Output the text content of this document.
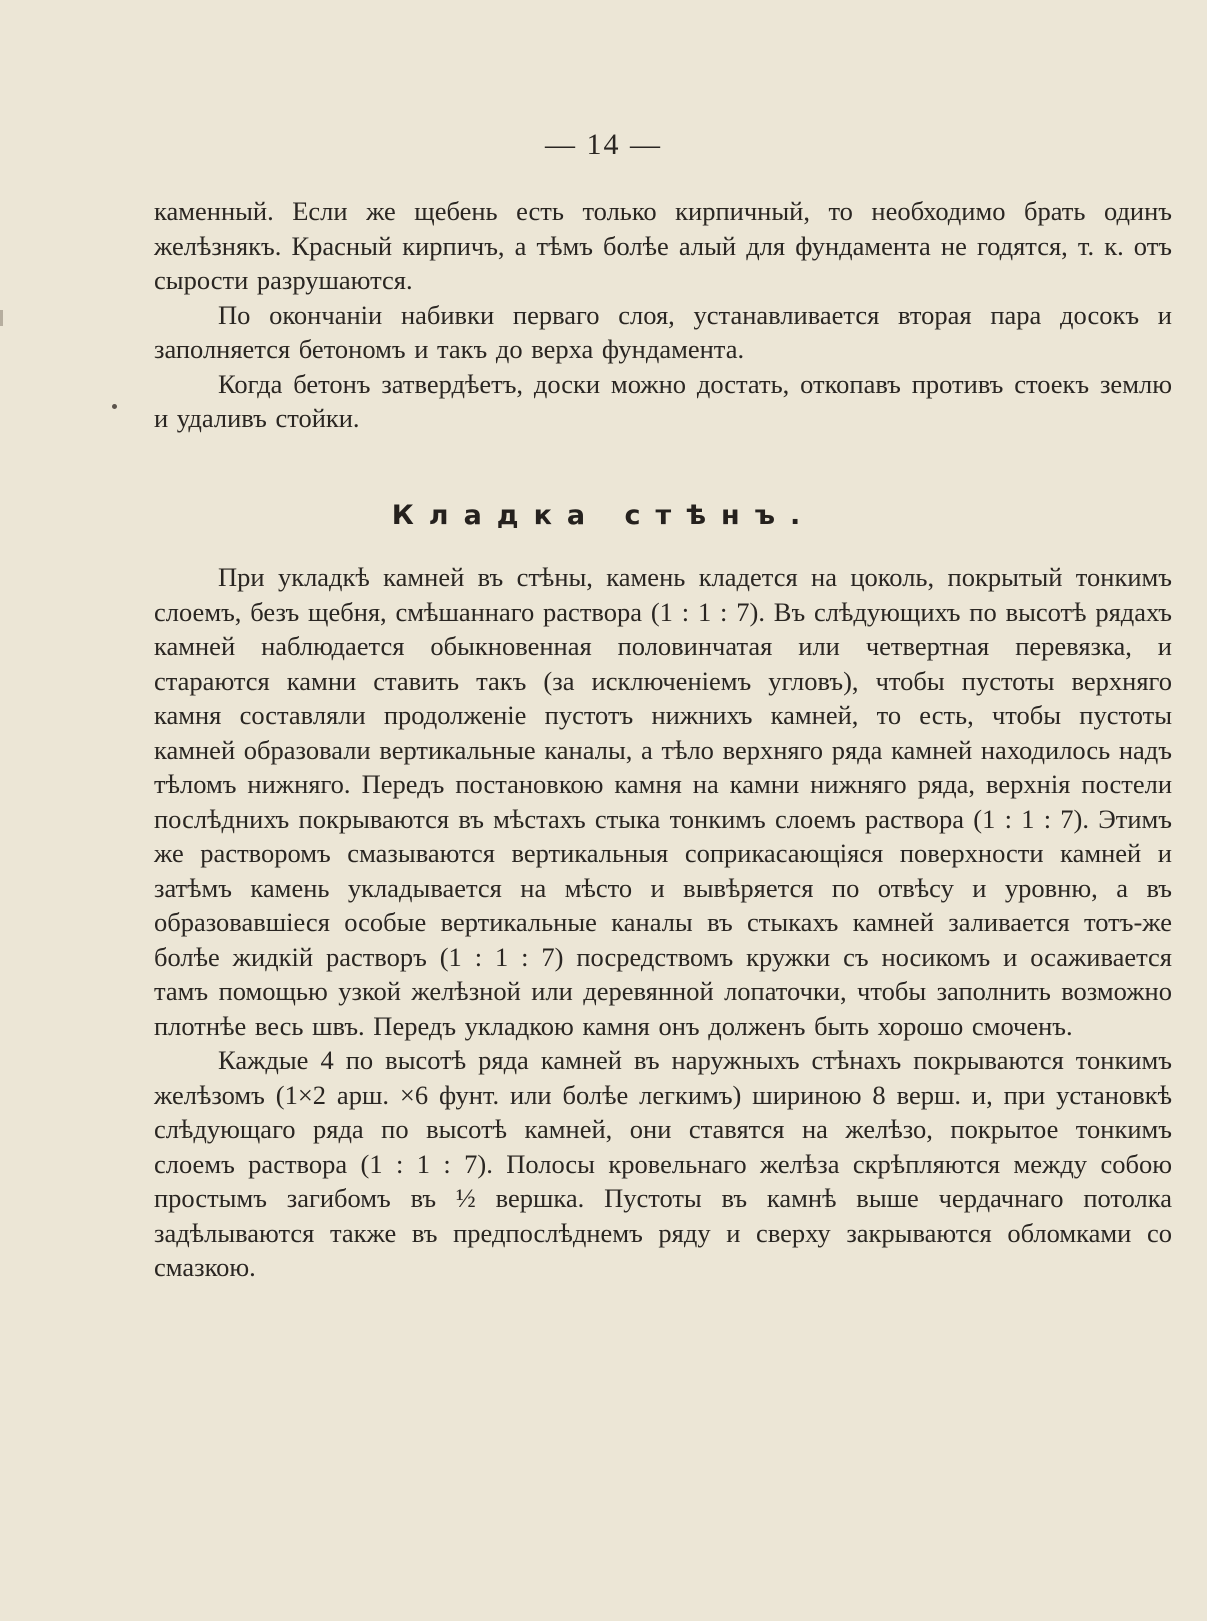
— 14 —

каменный. Если же щебень есть только кирпичный, то необходимо брать одинъ желѣзнякъ. Красный кирпичъ, а тѣмъ болѣе алый для фундамента не годятся, т. к. отъ сырости разрушаются.

По окончаніи набивки перваго слоя, устанавливается вторая пара досокъ и заполняется бетономъ и такъ до верха фундамента.

Когда бетонъ затвердѣетъ, доски можно достать, откопавъ противъ стоекъ землю и удаливъ стойки.

Кладка стѣнъ.

При укладкѣ камней въ стѣны, камень кладется на цоколь, покрытый тонкимъ слоемъ, безъ щебня, смѣшаннаго раствора (1 : 1 : 7). Въ слѣдующихъ по высотѣ рядахъ камней наблюдается обыкновенная половинчатая или четвертная перевязка, и стараются камни ставить такъ (за исключеніемъ угловъ), чтобы пустоты верхняго камня составляли продолженіе пустотъ нижнихъ камней, то есть, чтобы пустоты камней образовали вертикальные каналы, а тѣло верхняго ряда камней находилось надъ тѣломъ нижняго. Передъ постановкою камня на камни нижняго ряда, верхнія постели послѣднихъ покрываются въ мѣстахъ стыка тонкимъ слоемъ раствора (1 : 1 : 7). Этимъ же растворомъ смазываются вертикальныя соприкасающіяся поверхности камней и затѣмъ камень укладывается на мѣсто и вывѣряется по отвѣсу и уровню, а въ образовавшіеся особые вертикальные каналы въ стыкахъ камней заливается тотъ-же болѣе жидкій растворъ (1 : 1 : 7) посредствомъ кружки съ носикомъ и осаживается тамъ помощью узкой желѣзной или деревянной лопаточки, чтобы заполнить возможно плотнѣе весь швъ. Передъ укладкою камня онъ долженъ быть хорошо смоченъ.

Каждые 4 по высотѣ ряда камней въ наружныхъ стѣнахъ покрываются тонкимъ желѣзомъ (1×2 арш. ×6 фунт. или болѣе легкимъ) шириною 8 верш. и, при установкѣ слѣдующаго ряда по высотѣ камней, они ставятся на желѣзо, покрытое тонкимъ слоемъ раствора (1 : 1 : 7). Полосы кровельнаго желѣза скрѣпляются между собою простымъ загибомъ въ ½ вершка. Пустоты въ камнѣ выше чердачнаго потолка задѣлываются также въ предпослѣднемъ ряду и сверху закрываются обломками со смазкою.
